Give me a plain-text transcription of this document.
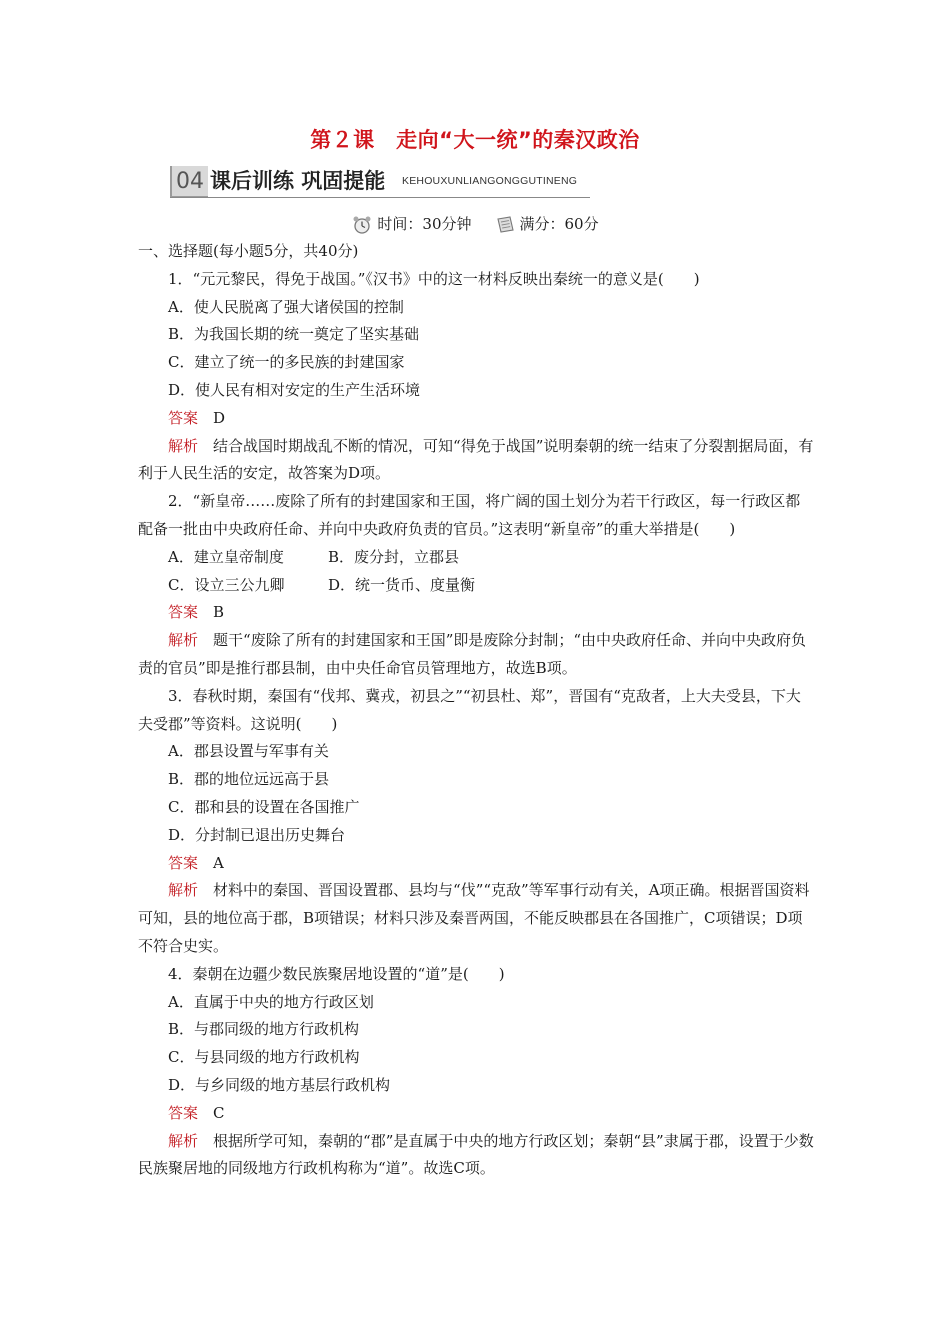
第２课　走向“大一统”的秦汉政治
04 课后训练 巩固提能 KEHOUXUNLIANGONGGUTINENG
时间：30分钟	满分：60分

一、选择题(每小题5分，共40分)

1．“元元黎民，得免于战国。”《汉书》中的这一材料反映出秦统一的意义是(　　)

A．使人民脱离了强大诸侯国的控制

B．为我国长期的统一奠定了坚实基础

C．建立了统一的多民族的封建国家

D．使人民有相对安定的生产生活环境

答案　 D

解析　 结合战国时期战乱不断的情况，可知“得免于战国”说明秦朝的统一结束了分裂割据局面，有利于人民生活的安定，故答案为D项。

2．“新皇帝……废除了所有的封建国家和王国，将广阔的国土划分为若干行政区，每一行政区都配备一批由中央政府任命、并向中央政府负责的官员。”这表明“新皇帝”的重大举措是(　　)

A．建立皇帝制度	B．废分封，立郡县

C．设立三公九卿	D．统一货币、度量衡

答案　 B

解析　 题干“废除了所有的封建国家和王国”即是废除分封制；“由中央政府任命、并向中央政府负责的官员”即是推行郡县制，由中央任命官员管理地方，故选B项。

3．春秋时期，秦国有“伐邦、冀戎，初县之”“初县杜、郑”，晋国有“克敌者，上大夫受县，下大夫受郡”等资料。这说明(　　)

A．郡县设置与军事有关

B．郡的地位远远高于县

C．郡和县的设置在各国推广

D．分封制已退出历史舞台

答案　 A

解析　 材料中的秦国、晋国设置郡、县均与“伐”“克敌”等军事行动有关，A项正确。根据晋国资料可知，县的地位高于郡，B项错误；材料只涉及秦晋两国，不能反映郡县在各国推广，C项错误；D项不符合史实。

4．秦朝在边疆少数民族聚居地设置的“道”是(　　)

A．直属于中央的地方行政区划

B．与郡同级的地方行政机构

C．与县同级的地方行政机构

D．与乡同级的地方基层行政机构

答案　 C

解析　 根据所学可知，秦朝的“郡”是直属于中央的地方行政区划；秦朝“县”隶属于郡，设置于少数民族聚居地的同级地方行政机构称为“道”。故选C项。
